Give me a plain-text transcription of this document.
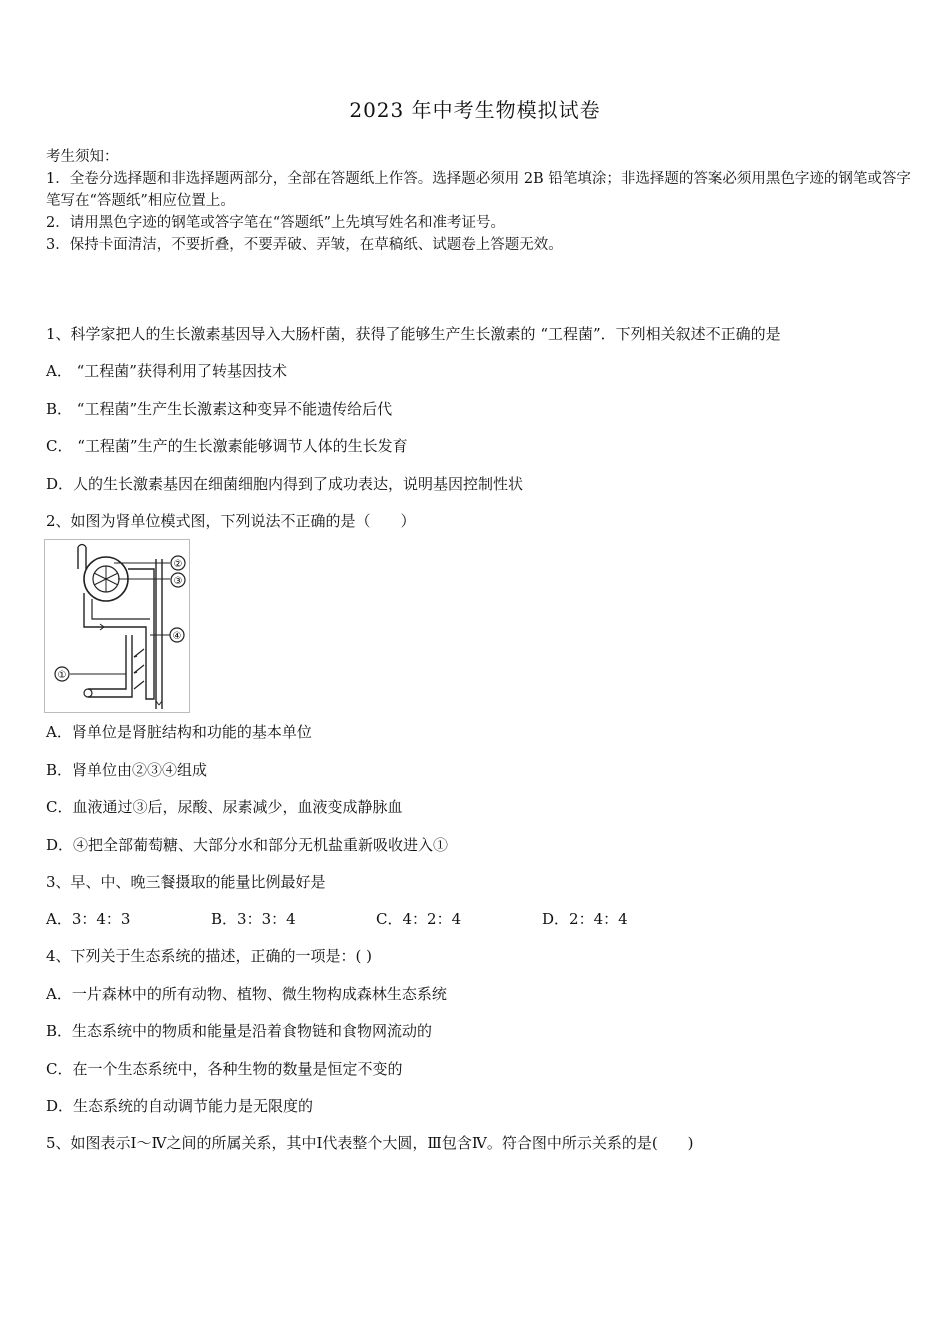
2023 年中考生物模拟试卷
考生须知：
1．全卷分选择题和非选择题两部分，全部在答题纸上作答。选择题必须用 2B 铅笔填涂；非选择题的答案必须用黑色字迹的钢笔或答字笔写在“答题纸”相应位置上。
2．请用黑色字迹的钢笔或答字笔在“答题纸”上先填写姓名和准考证号。
3．保持卡面清洁，不要折叠，不要弄破、弄皱，在草稿纸、试题卷上答题无效。
1、科学家把人的生长激素基因导入大肠杆菌，获得了能够生产生长激素的 “工程菌”．下列相关叙述不正确的是
A． “工程菌”获得利用了转基因技术
B． “工程菌”生产生长激素这种变异不能遗传给后代
C． “工程菌”生产的生长激素能够调节人体的生长发育
D．人的生长激素基因在细菌细胞内得到了成功表达，说明基因控制性状
2、如图为肾单位模式图，下列说法不正确的是（　　）
②
③
④
①
A．肾单位是肾脏结构和功能的基本单位
B．肾单位由②③④组成
C．血液通过③后，尿酸、尿素减少，血液变成静脉血
D．④把全部葡萄糖、大部分水和部分无机盐重新吸收进入①
3、早、中、晚三餐摄取的能量比例最好是
A．3：4：3	B．3：3：4	C．4：2：4	D．2：4：4
4、下列关于生态系统的描述，正确的一项是：( )
A．一片森林中的所有动物、植物、微生物构成森林生态系统
B．生态系统中的物质和能量是沿着食物链和食物网流动的
C．在一个生态系统中，各种生物的数量是恒定不变的
D．生态系统的自动调节能力是无限度的
5、如图表示Ⅰ～Ⅳ之间的所属关系，其中Ⅰ代表整个大圆，Ⅲ包含Ⅳ。符合图中所示关系的是(　　)
